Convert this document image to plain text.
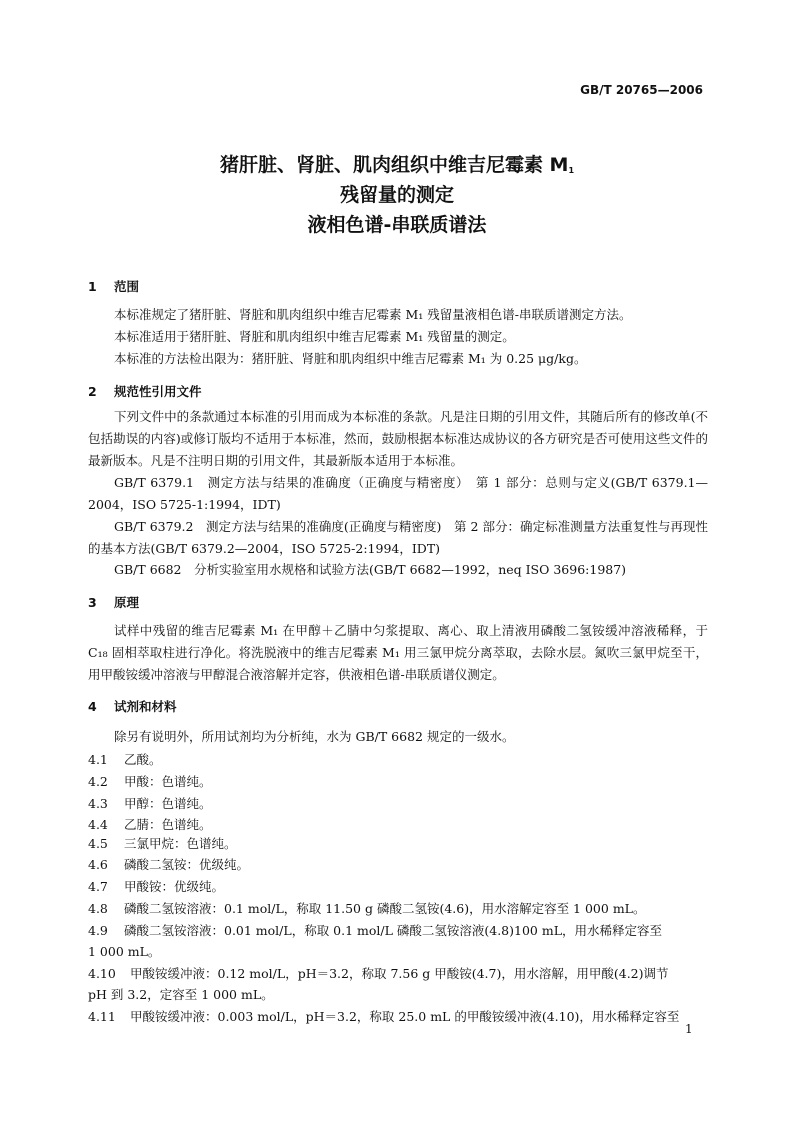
GB/T 20765—2006
猪肝脏、肾脏、肌肉组织中维吉尼霉素 $M_1$
残留量的测定
液相色谱-串联质谱法
1 范围
本标准规定了猪肝脏、肾脏和肌肉组织中维吉尼霉素 M₁ 残留量液相色谱-串联质谱测定方法。
本标准适用于猪肝脏、肾脏和肌肉组织中维吉尼霉素 M₁ 残留量的测定。
本标准的方法检出限为：猪肝脏、肾脏和肌肉组织中维吉尼霉素 M₁ 为 0.25 μg/kg。
2 规范性引用文件
下列文件中的条款通过本标准的引用而成为本标准的条款。凡是注日期的引用文件，其随后所有的修改单(不包括勘误的内容)或修订版均不适用于本标准，然而，鼓励根据本标准达成协议的各方研究是否可使用这些文件的最新版本。凡是不注明日期的引用文件，其最新版本适用于本标准。
GB/T 6379.1　测定方法与结果的准确度（正确度与精密度）　第 1 部分：总则与定义(GB/T 6379.1—2004，ISO 5725-1:1994，IDT)
GB/T 6379.2　测定方法与结果的准确度(正确度与精密度)　第 2 部分：确定标准测量方法重复性与再现性的基本方法(GB/T 6379.2—2004，ISO 5725-2:1994，IDT)
GB/T 6682　分析实验室用水规格和试验方法(GB/T 6682—1992，neq ISO 3696:1987)
3 原理
试样中残留的维吉尼霉素 M₁ 在甲醇＋乙腈中匀浆提取、离心、取上清液用磷酸二氢铵缓冲溶液稀释，于 C₁₈ 固相萃取柱进行净化。将洗脱液中的维吉尼霉素 M₁ 用三氯甲烷分离萃取，去除水层。氮吹三氯甲烷至干，用甲酸铵缓冲溶液与甲醇混合液溶解并定容，供液相色谱-串联质谱仪测定。
4 试剂和材料
除另有说明外，所用试剂均为分析纯，水为 GB/T 6682 规定的一级水。
4.1 乙酸。
4.2 甲酸：色谱纯。
4.3 甲醇：色谱纯。
4.4 乙腈：色谱纯。
4.5 三氯甲烷：色谱纯。
4.6 磷酸二氢铵：优级纯。
4.7 甲酸铵：优级纯。
4.8 磷酸二氢铵溶液：0.1 mol/L，称取 11.50 g 磷酸二氢铵(4.6)，用水溶解定容至 1 000 mL。
4.9 磷酸二氢铵溶液：0.01 mol/L，称取 0.1 mol/L 磷酸二氢铵溶液(4.8)100 mL，用水稀释定容至
1 000 mL。
4.10 甲酸铵缓冲液：0.12 mol/L，pH＝3.2，称取 7.56 g 甲酸铵(4.7)，用水溶解，用甲酸(4.2)调节
pH 到 3.2，定容至 1 000 mL。
4.11 甲酸铵缓冲液：0.003 mol/L，pH＝3.2，称取 25.0 mL 的甲酸铵缓冲液(4.10)，用水稀释定容至
1
